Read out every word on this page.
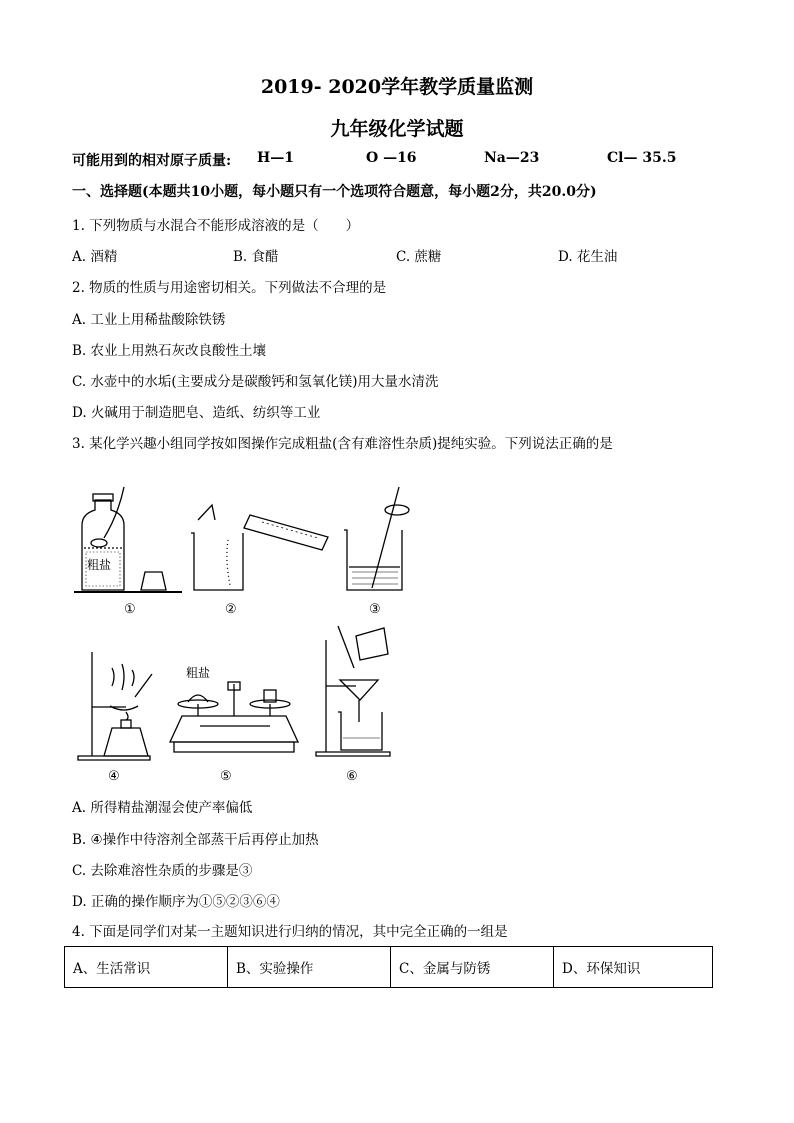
2019- 2020学年教学质量监测
九年级化学试题
可能用到的相对原子质量: H—1	O —16	Na—23	Cl— 35.5
一、选择题(本题共10小题，每小题只有一个选项符合题意，每小题2分，共20.0分)
1. 下列物质与水混合不能形成溶液的是（　　）
A. 酒精	B. 食醋	C. 蔗糖	D. 花生油
2. 物质的性质与用途密切相关。下列做法不合理的是
A. 工业上用稀盐酸除铁锈
B. 农业上用熟石灰改良酸性土壤
C. 水壶中的水垢(主要成分是碳酸钙和氢氧化镁)用大量水清洗
D. 火碱用于制造肥皂、造纸、纺织等工业
3. 某化学兴趣小组同学按如图操作完成粗盐(含有难溶性杂质)提纯实验。下列说法正确的是
粗盐
粗盐
①	②	③
④	⑤	⑥
A. 所得精盐潮湿会使产率偏低
B. ④操作中待溶剂全部蒸干后再停止加热
C. 去除难溶性杂质的步骤是③
D. 正确的操作顺序为①⑤②③⑥④
4. 下面是同学们对某一主题知识进行归纳的情况，其中完全正确的一组是
A、生活常识	B、实验操作	C、金属与防锈	D、环保知识
